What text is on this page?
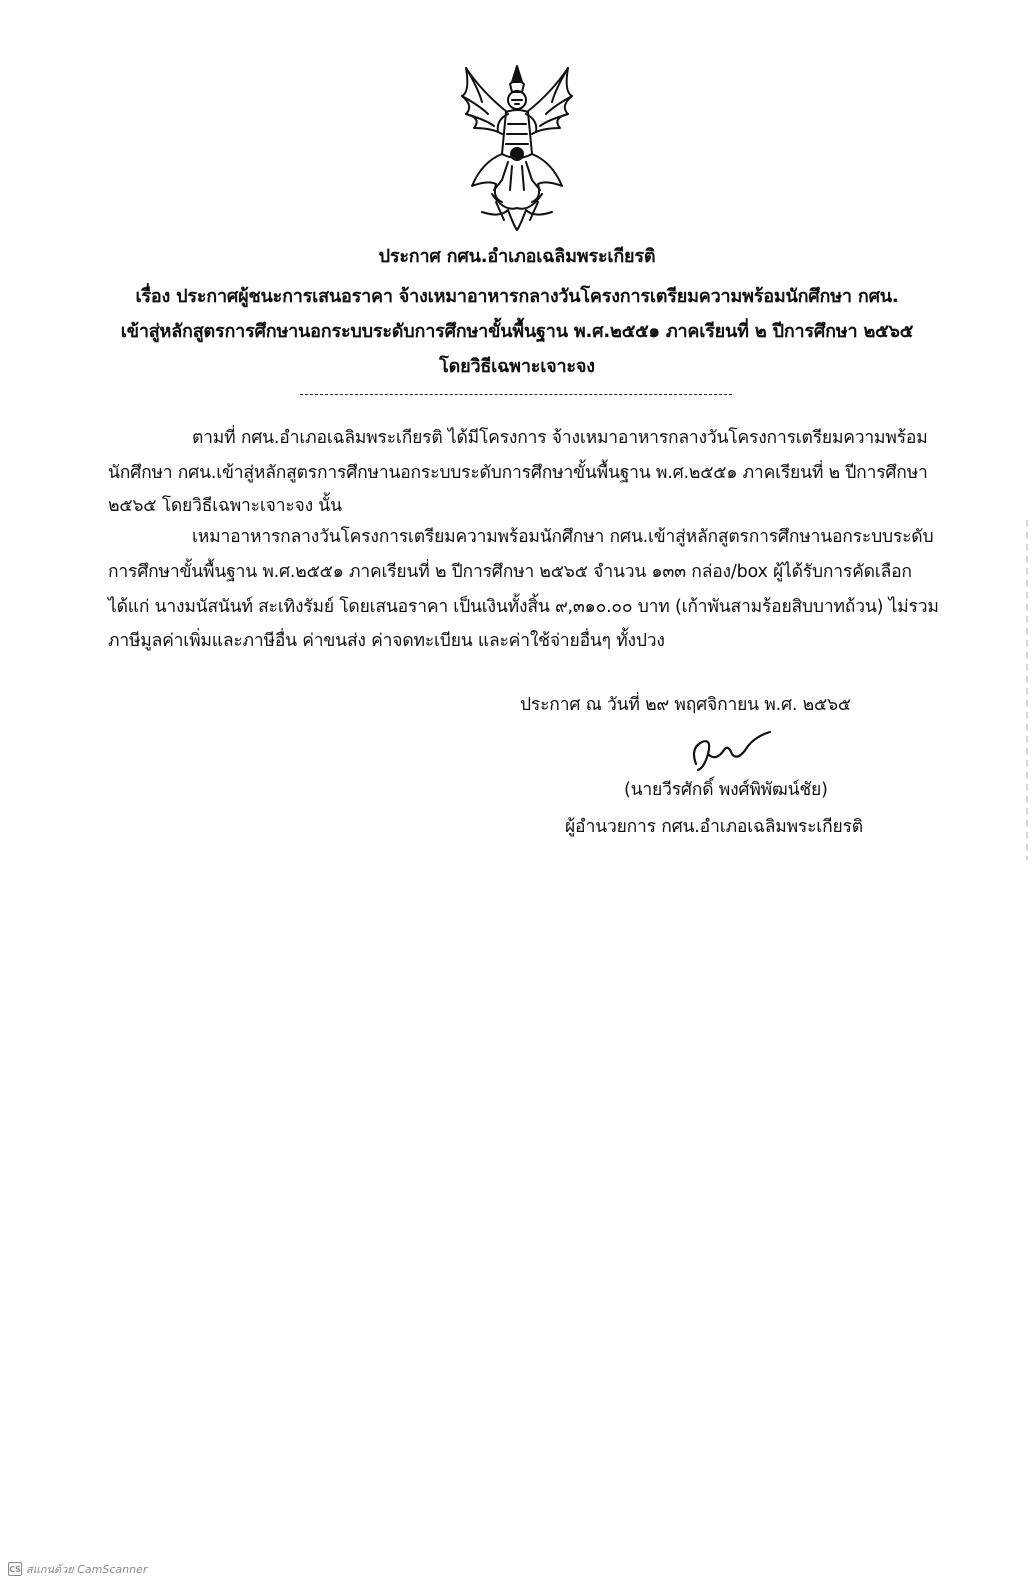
ประกาศ กศน.อำเภอเฉลิมพระเกียรติ
เรื่อง ประกาศผู้ชนะการเสนอราคา จ้างเหมาอาหารกลางวันโครงการเตรียมความพร้อมนักศึกษา กศน.
เข้าสู่หลักสูตรการศึกษานอกระบบระดับการศึกษาขั้นพื้นฐาน พ.ศ.๒๕๕๑ ภาคเรียนที่ ๒ ปีการศึกษา ๒๕๖๕
โดยวิธีเฉพาะเจาะจง
ตามที่ กศน.อำเภอเฉลิมพระเกียรติ ได้มีโครงการ จ้างเหมาอาหารกลางวันโครงการเตรียมความพร้อม
นักศึกษา กศน.เข้าสู่หลักสูตรการศึกษานอกระบบระดับการศึกษาขั้นพื้นฐาน พ.ศ.๒๕๕๑ ภาคเรียนที่ ๒ ปีการศึกษา
๒๕๖๕ โดยวิธีเฉพาะเจาะจง นั้น
เหมาอาหารกลางวันโครงการเตรียมความพร้อมนักศึกษา กศน.เข้าสู่หลักสูตรการศึกษานอกระบบระดับ
การศึกษาขั้นพื้นฐาน พ.ศ.๒๕๕๑ ภาคเรียนที่ ๒ ปีการศึกษา ๒๕๖๕ จำนวน ๑๓๓ กล่อง/box ผู้ได้รับการคัดเลือก
ได้แก่ นางมนัสนันท์ สะเทิงรัมย์ โดยเสนอราคา เป็นเงินทั้งสิ้น ๙,๓๑๐.๐๐ บาท (เก้าพันสามร้อยสิบบาทถ้วน) ไม่รวม
ภาษีมูลค่าเพิ่มและภาษีอื่น ค่าขนส่ง ค่าจดทะเบียน และค่าใช้จ่ายอื่นๆ ทั้งปวง
ประกาศ ณ วันที่ ๒๙ พฤศจิกายน พ.ศ. ๒๕๖๕
(นายวีรศักดิ์ พงศ์พิพัฒน์ชัย)
ผู้อำนวยการ กศน.อำเภอเฉลิมพระเกียรติ
CS สแกนด้วย CamScanner
